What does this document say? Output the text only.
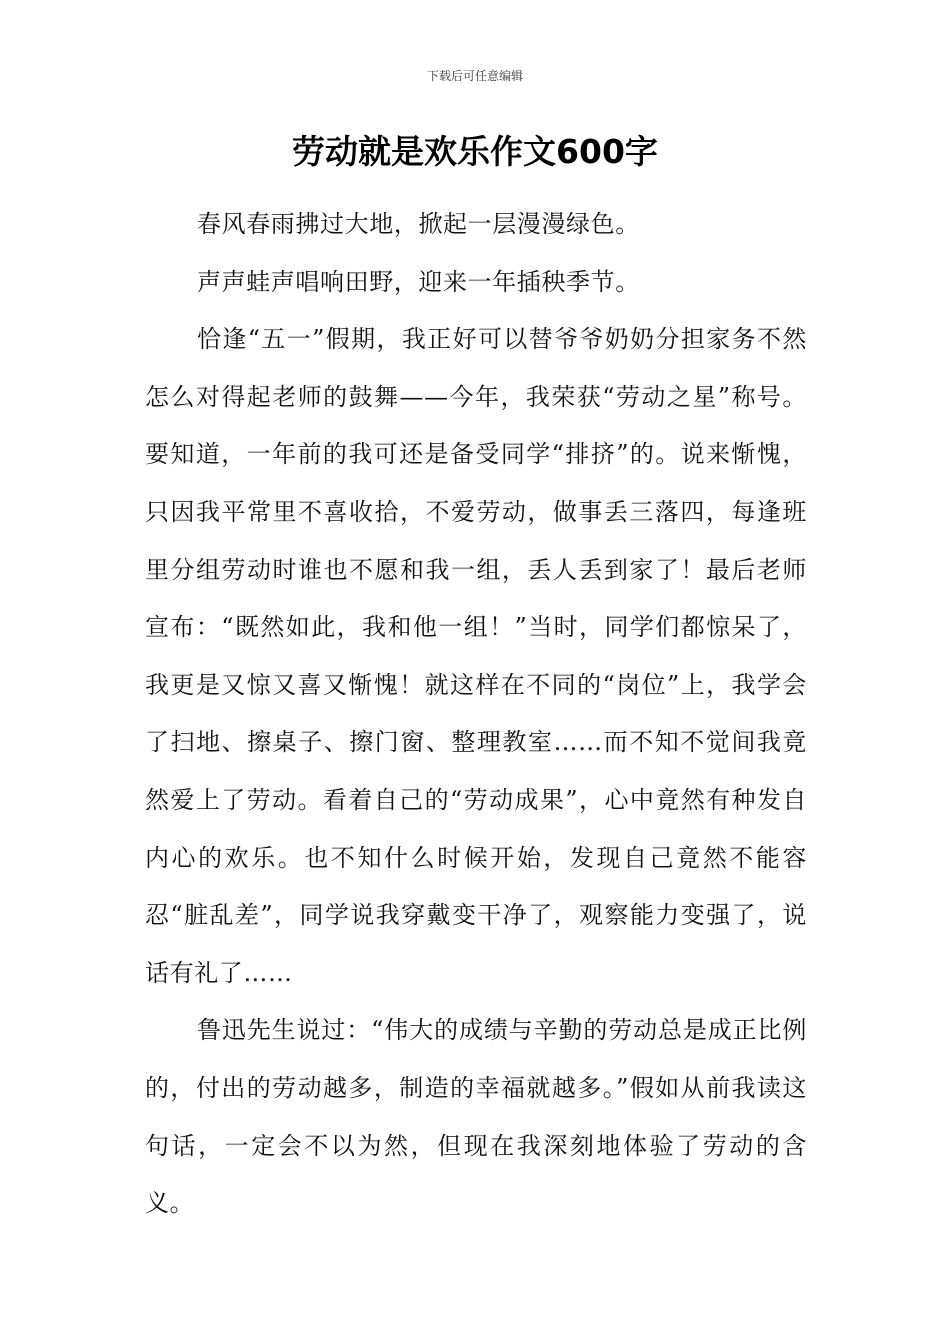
下载后可任意编辑
劳动就是欢乐作文600字

春风春雨拂过大地，掀起一层漫漫绿色。

声声蛙声唱响田野，迎来一年插秧季节。

恰逢“五一”假期，我正好可以替爷爷奶奶分担家务不然怎么对得起老师的鼓舞——今年，我荣获“劳动之星”称号。要知道，一年前的我可还是备受同学“排挤”的。说来惭愧，只因我平常里不喜收拾，不爱劳动，做事丢三落四，每逢班里分组劳动时谁也不愿和我一组，丢人丢到家了！最后老师宣布：“既然如此，我和他一组！”当时，同学们都惊呆了，我更是又惊又喜又惭愧！就这样在不同的“岗位”上，我学会了扫地、擦桌子、擦门窗、整理教室……而不知不觉间我竟然爱上了劳动。看着自己的“劳动成果”，心中竟然有种发自内心的欢乐。也不知什么时候开始，发现自己竟然不能容忍“脏乱差”，同学说我穿戴变干净了，观察能力变强了，说话有礼了……

鲁迅先生说过：“伟大的成绩与辛勤的劳动总是成正比例的，付出的劳动越多，制造的幸福就越多。”假如从前我读这句话，一定会不以为然，但现在我深刻地体验了劳动的含义。
